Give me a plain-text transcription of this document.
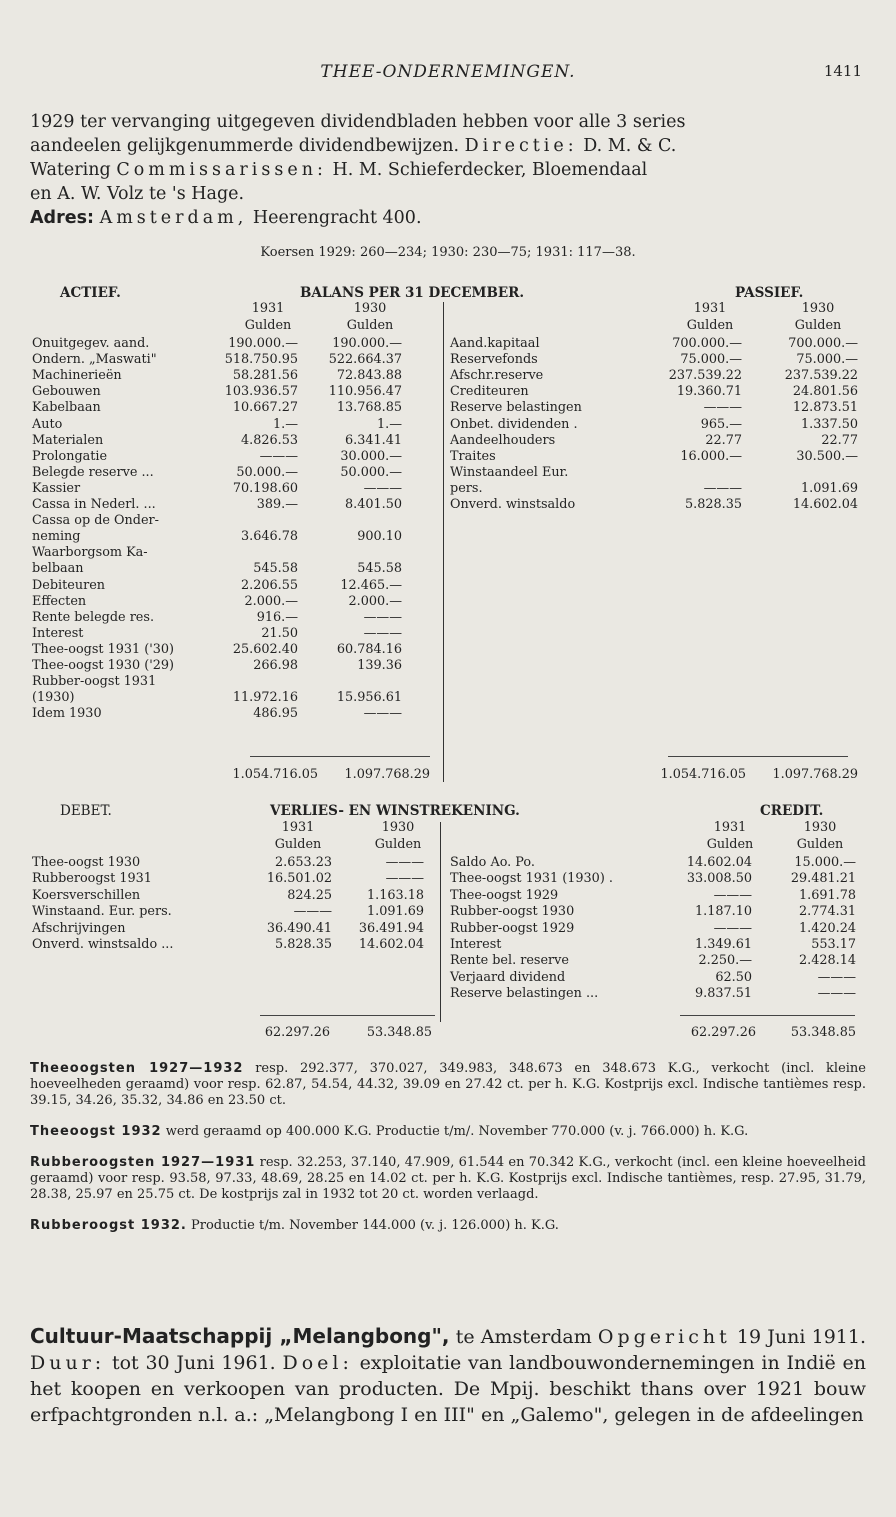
THEE-ONDERNEMINGEN.	1411

1929 ter vervanging uitgegeven dividendbladen hebben voor alle 3 series

aandeelen gelijkgenummerde dividendbewijzen. Directie: D. M. & C.

Watering Commissarissen: H. M. Schieferdecker, Bloemendaal

en A. W. Volz te 's Hage.

Adres: Amsterdam, Heerengracht 400.

Koersen 1929: 260—234; 1930: 230—75; 1931: 117—38.
ACTIEF.	BALANS PER 31 DECEMBER.	PASSIEF.
1931	1930	1931	1930
Gulden	Gulden	Gulden	Gulden
Onuitgegev. aand.	190.000.—	190.000.—
Ondern. „Maswati"	518.750.95 522.664.37
Machinerieën	58.281.56	72.843.88
Gebouwen	103.936.57 110.956.47
Kabelbaan	10.667.27	13.768.85
Auto	1.—	1.—
Materialen	4.826.53	6.341.41
Prolongatie	———	30.000.—
Belegde reserve ...	50.000.—	50.000.—
Kassier	70.198.60	———
Cassa in Nederl. ...	389.—	8.401.50
Cassa op de Onder-
neming	3.646.78	900.10
Waarborgsom Ka-
belbaan	545.58	545.58
Debiteuren	2.206.55	12.465.—
Effecten	2.000.—	2.000.—
Rente belegde res.	916.—	———
Interest	21.50	———
Thee-oogst 1931 ('30)	25.602.40	60.784.16
Thee-oogst 1930 ('29)	266.98	139.36
Rubber-oogst 1931
(1930)	11.972.16	15.956.61
Idem 1930	486.95	———
Aand.kapitaal	700.000.—	700.000.—
Reservefonds	75.000.—	75.000.—
Afschr.reserve	237.539.22	237.539.22
Crediteuren	19.360.71	24.801.56
Reserve belastingen	———	12.873.51
Onbet. dividenden .	965.—	1.337.50
Aandeelhouders	22.77	22.77
Traites	16.000.—	30.500.—
Winstaandeel Eur.
pers.	———	1.091.69
Onverd. winstsaldo	5.828.35	14.602.04
1.054.716.05	1.097.768.29	1.054.716.05	1.097.768.29
DEBET.	VERLIES- EN WINSTREKENING.	CREDIT.
1931	1930	1931	1930
Gulden	Gulden	Gulden	Gulden
Thee-oogst 1930	2.653.23	———
Rubberoogst 1931	16.501.02	———
Koersverschillen	824.25	1.163.18
Winstaand. Eur. pers.	———	1.091.69
Afschrijvingen	36.490.41 36.491.94
Onverd. winstsaldo ...	5.828.35 14.602.04
Saldo Ao. Po.	14.602.04	15.000.—
Thee-oogst 1931 (1930) .	33.008.50	29.481.21
Thee-oogst 1929	———	1.691.78
Rubber-oogst 1930	1.187.10	2.774.31
Rubber-oogst 1929	———	1.420.24
Interest	1.349.61	553.17
Rente bel. reserve	2.250.—	2.428.14
Verjaard dividend	62.50	———
Reserve belastingen ...	9.837.51	———
62.297.26	53.348.85	62.297.26	53.348.85

Theeoogsten 1927—1932 resp. 292.377, 370.027, 349.983, 348.673 en 348.673 K.G., verkocht (incl. kleine hoeveelheden geraamd) voor resp. 62.87, 54.54, 44.32, 39.09 en 27.42 ct. per h. K.G. Kostprijs excl. Indische tantièmes resp. 39.15, 34.26, 35.32, 34.86 en 23.50 ct.

Theeoogst 1932 werd geraamd op 400.000 K.G. Productie t/m/. November 770.000 (v. j. 766.000) h. K.G.

Rubberoogsten 1927—1931 resp. 32.253, 37.140, 47.909, 61.544 en 70.342 K.G., verkocht (incl. een kleine hoeveelheid geraamd) voor resp. 93.58, 97.33, 48.69, 28.25 en 14.02 ct. per h. K.G. Kostprijs excl. Indische tantièmes, resp. 27.95, 31.79, 28.38, 25.97 en 25.75 ct. De kostprijs zal in 1932 tot 20 ct. worden verlaagd.

Rubberoogst 1932. Productie t/m. November 144.000 (v. j. 126.000) h. K.G.

Cultuur-Maatschappij „Melangbong", te Amsterdam Opgericht 19 Juni 1911. Duur: tot 30 Juni 1961. Doel: exploitatie van landbouwondernemingen in Indië en het koopen en verkoopen van producten. De Mpij. beschikt thans over 1921 bouw erfpachtgronden n.l. a.: „Melangbong I en III" en „Galemo", gelegen in de afdeelingen
